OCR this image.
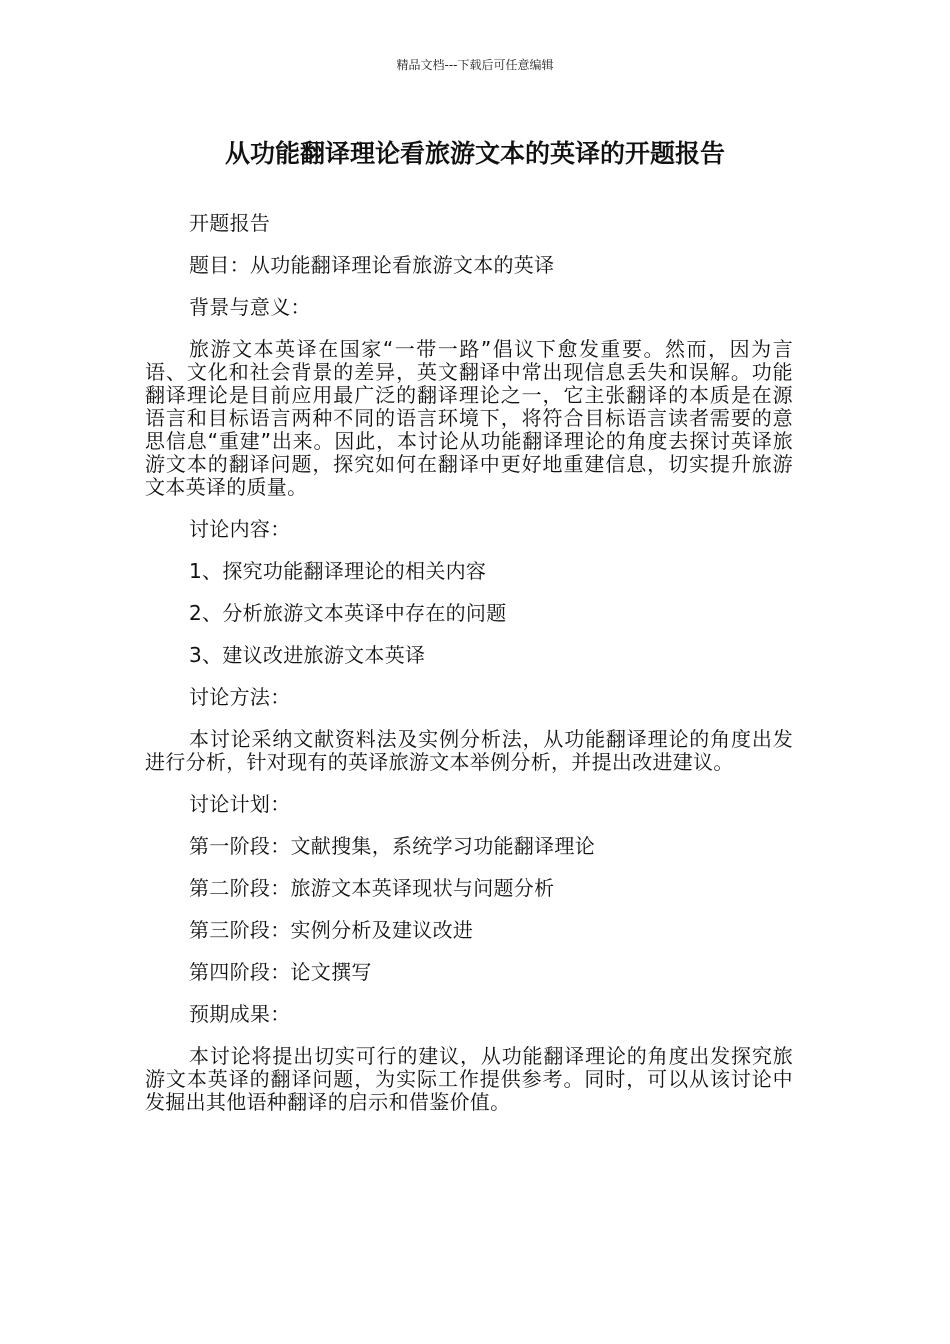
精品文档---下载后可任意编辑
从功能翻译理论看旅游文本的英译的开题报告

开题报告

题目：从功能翻译理论看旅游文本的英译

背景与意义：

旅游文本英译在国家“一带一路”倡议下愈发重要。然而，因为言语、文化和社会背景的差异，英文翻译中常出现信息丢失和误解。功能翻译理论是目前应用最广泛的翻译理论之一，它主张翻译的本质是在源语言和目标语言两种不同的语言环境下，将符合目标语言读者需要的意思信息“重建”出来。因此，本讨论从功能翻译理论的角度去探讨英译旅游文本的翻译问题，探究如何在翻译中更好地重建信息，切实提升旅游文本英译的质量。

讨论内容：

1、探究功能翻译理论的相关内容

2、分析旅游文本英译中存在的问题

3、建议改进旅游文本英译

讨论方法：

本讨论采纳文献资料法及实例分析法，从功能翻译理论的角度出发进行分析，针对现有的英译旅游文本举例分析，并提出改进建议。

讨论计划：

第一阶段：文献搜集，系统学习功能翻译理论

第二阶段：旅游文本英译现状与问题分析

第三阶段：实例分析及建议改进

第四阶段：论文撰写

预期成果：

本讨论将提出切实可行的建议，从功能翻译理论的角度出发探究旅游文本英译的翻译问题，为实际工作提供参考。同时，可以从该讨论中发掘出其他语种翻译的启示和借鉴价值。
